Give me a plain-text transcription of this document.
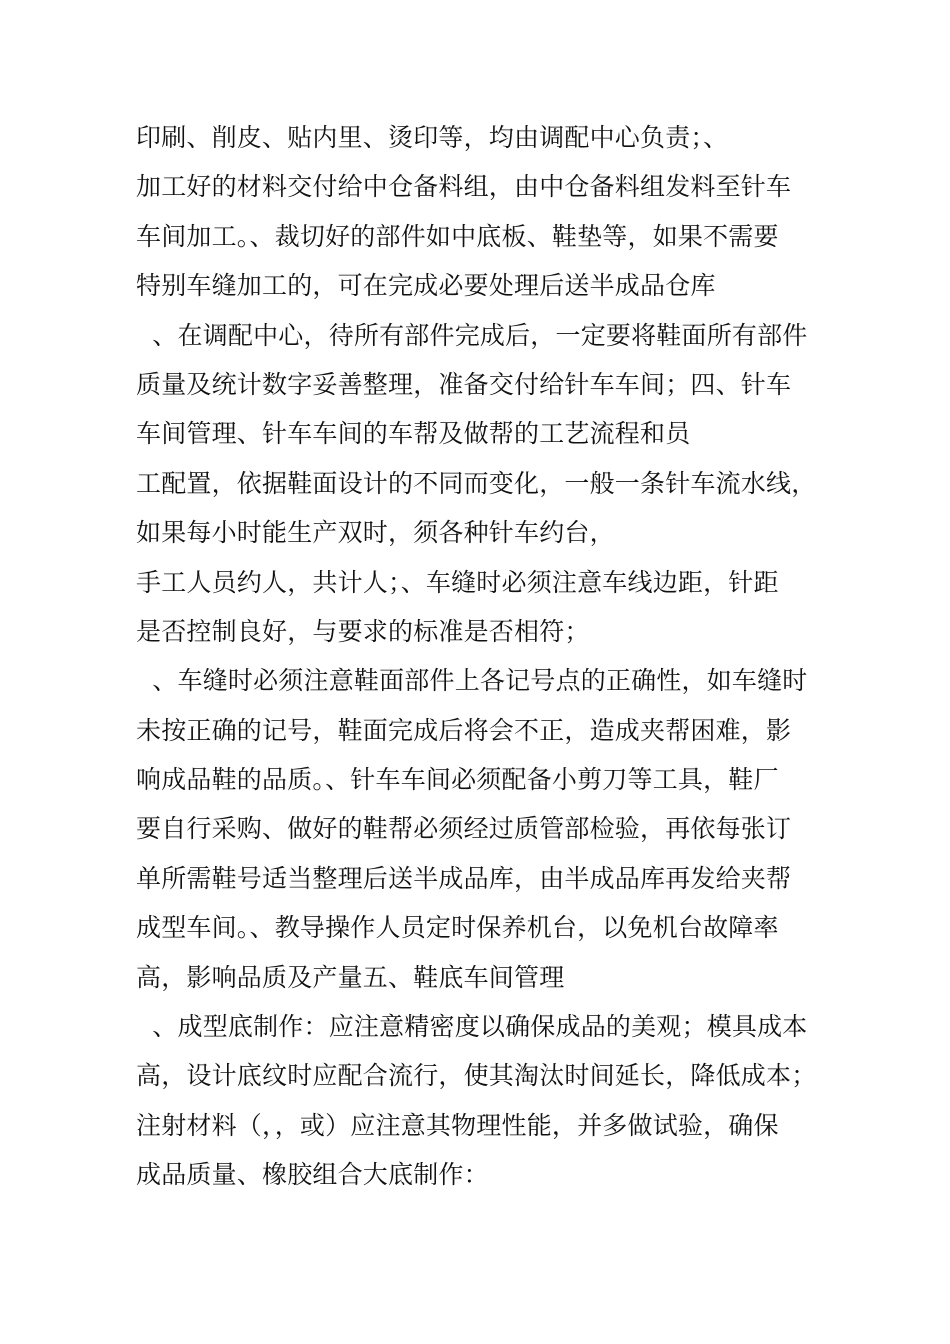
印刷、削皮、贴内里、烫印等，均由调配中心负责；、
加工好的材料交付给中仓备料组，由中仓备料组发料至针车
车间加工。、裁切好的部件如中底板、鞋垫等，如果不需要
特别车缝加工的，可在完成必要处理后送半成品仓库
、在调配中心，待所有部件完成后，一定要将鞋面所有部件
质量及统计数字妥善整理，准备交付给针车车间；四、针车
车间管理、针车车间的车帮及做帮的工艺流程和员
工配置，依据鞋面设计的不同而变化，一般一条针车流水线，
如果每小时能生产双时，须各种针车约台，
手工人员约人，共计人；、车缝时必须注意车线边距，针距
是否控制良好，与要求的标准是否相符；
、车缝时必须注意鞋面部件上各记号点的正确性，如车缝时
未按正确的记号，鞋面完成后将会不正，造成夹帮困难，影
响成品鞋的品质。、针车车间必须配备小剪刀等工具，鞋厂
要自行采购、做好的鞋帮必须经过质管部检验，再依每张订
单所需鞋号适当整理后送半成品库，由半成品库再发给夹帮
成型车间。、教导操作人员定时保养机台，以免机台故障率
高，影响品质及产量五、鞋底车间管理
、成型底制作：应注意精密度以确保成品的美观；模具成本
高，设计底纹时应配合流行，使其淘汰时间延长，降低成本；
注射材料（，，或）应注意其物理性能，并多做试验，确保
成品质量、橡胶组合大底制作：
